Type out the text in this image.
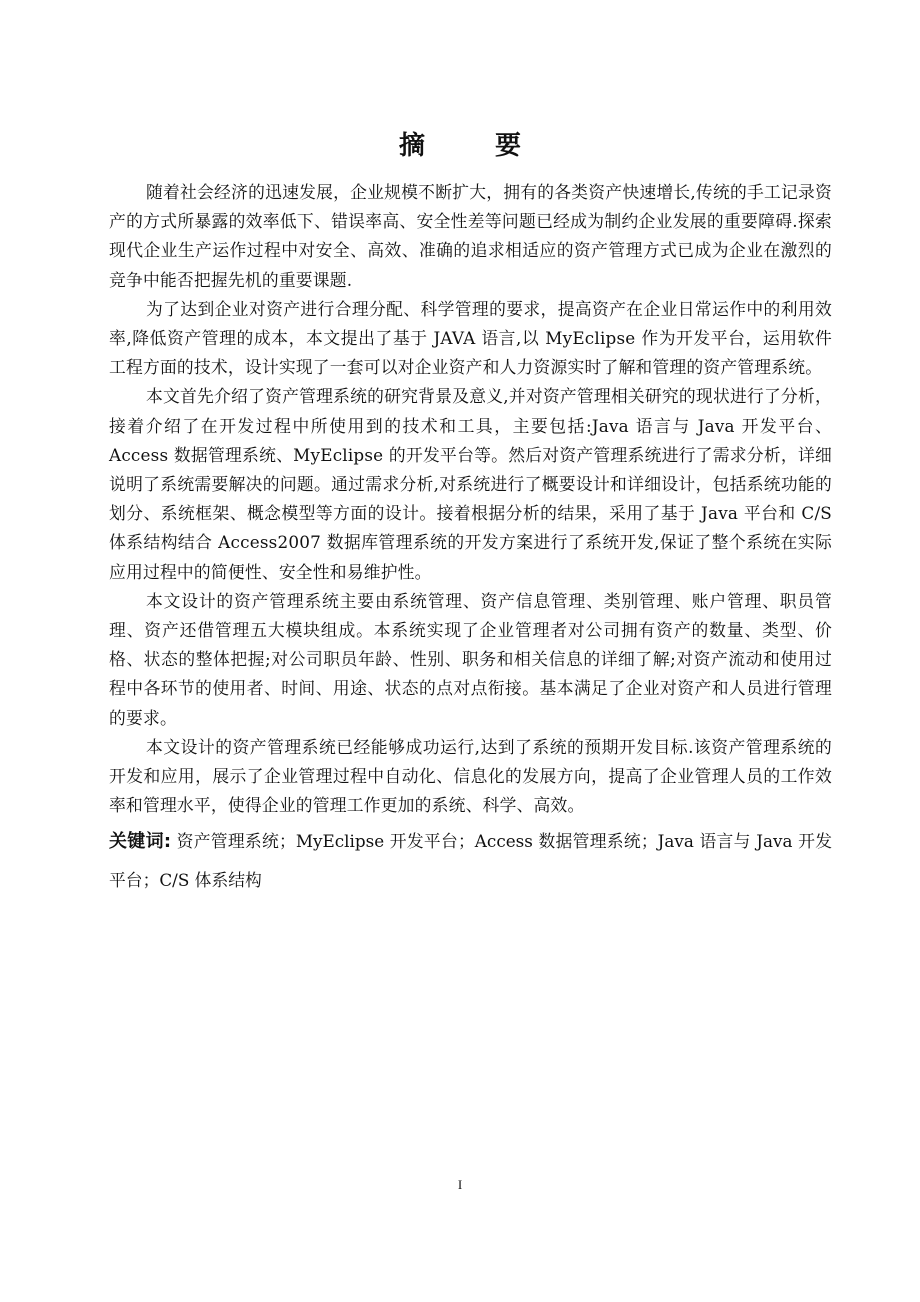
摘　要

随着社会经济的迅速发展，企业规模不断扩大，拥有的各类资产快速增长,传统的手工记录资产的方式所暴露的效率低下、错误率高、安全性差等问题已经成为制约企业发展的重要障碍.探索现代企业生产运作过程中对安全、高效、准确的追求相适应的资产管理方式已成为企业在激烈的竞争中能否把握先机的重要课题.

为了达到企业对资产进行合理分配、科学管理的要求，提高资产在企业日常运作中的利用效率,降低资产管理的成本，本文提出了基于 JAVA 语言,以 MyEclipse 作为开发平台，运用软件工程方面的技术，设计实现了一套可以对企业资产和人力资源实时了解和管理的资产管理系统。

本文首先介绍了资产管理系统的研究背景及意义,并对资产管理相关研究的现状进行了分析，接着介绍了在开发过程中所使用到的技术和工具，主要包括:Java 语言与 Java 开发平台、Access 数据管理系统、MyEclipse 的开发平台等。然后对资产管理系统进行了需求分析，详细说明了系统需要解决的问题。通过需求分析,对系统进行了概要设计和详细设计，包括系统功能的划分、系统框架、概念模型等方面的设计。接着根据分析的结果，采用了基于 Java 平台和 C/S 体系结构结合 Access2007 数据库管理系统的开发方案进行了系统开发,保证了整个系统在实际应用过程中的简便性、安全性和易维护性。

本文设计的资产管理系统主要由系统管理、资产信息管理、类别管理、账户管理、职员管理、资产还借管理五大模块组成。本系统实现了企业管理者对公司拥有资产的数量、类型、价格、状态的整体把握;对公司职员年龄、性别、职务和相关信息的详细了解;对资产流动和使用过程中各环节的使用者、时间、用途、状态的点对点衔接。基本满足了企业对资产和人员进行管理的要求。

本文设计的资产管理系统已经能够成功运行,达到了系统的预期开发目标.该资产管理系统的开发和应用，展示了企业管理过程中自动化、信息化的发展方向，提高了企业管理人员的工作效率和管理水平，使得企业的管理工作更加的系统、科学、高效。

关键词: 资产管理系统；MyEclipse 开发平台；Access 数据管理系统；Java 语言与 Java 开发平台；C/S 体系结构

I
